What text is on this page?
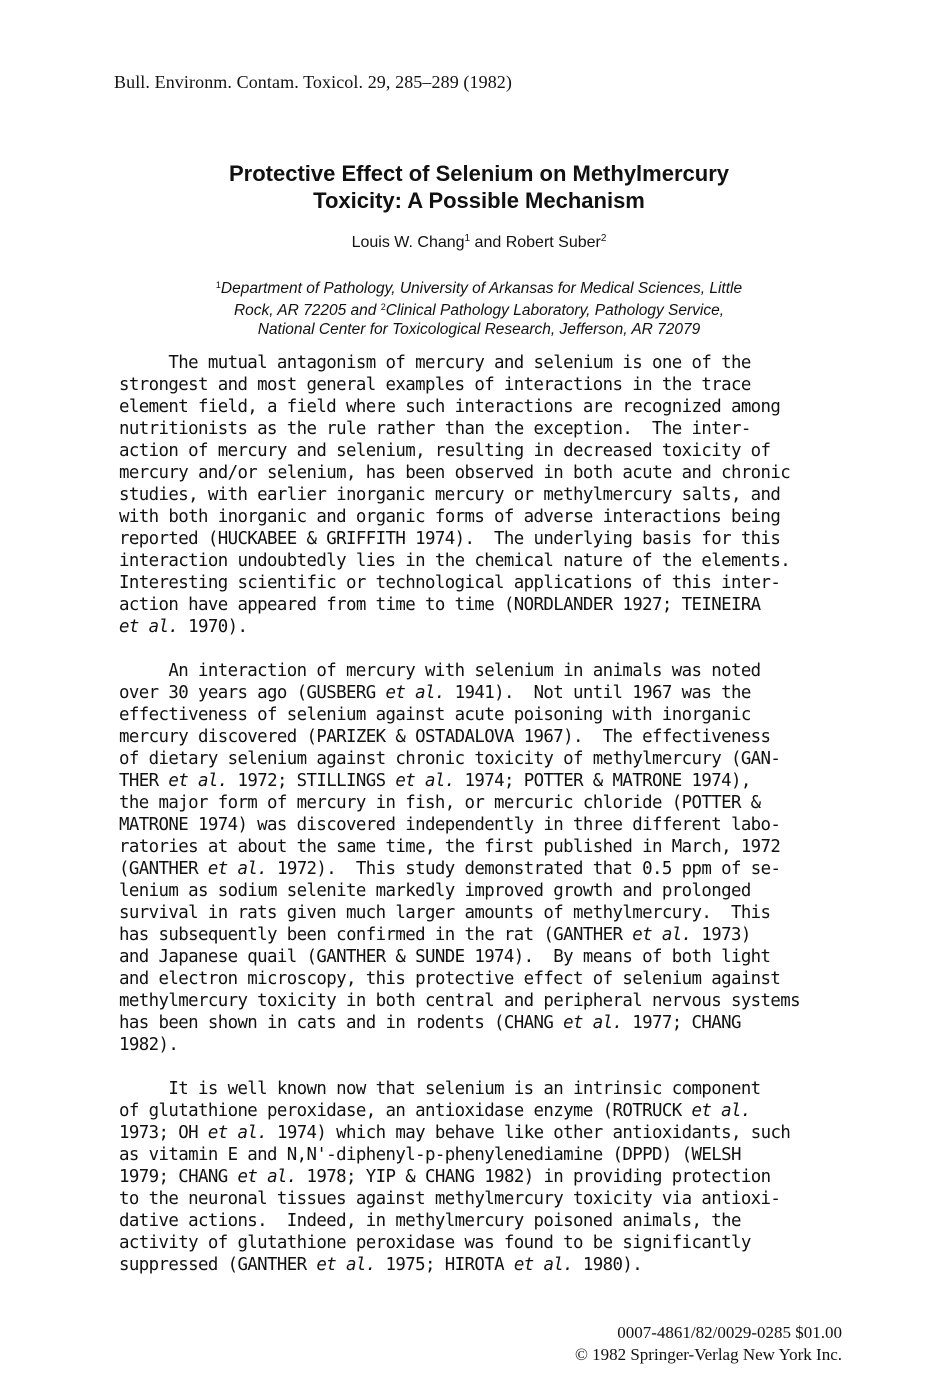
Bull. Environm. Contam. Toxicol. 29, 285–289 (1982)
Protective Effect of Selenium on Methylmercury
Toxicity: A Possible Mechanism
Louis W. Chang$^1$ and Robert Suber$^2$
$^1$Department of Pathology, University of Arkansas for Medical Sciences, Little
Rock, AR 72205 and $^2$Clinical Pathology Laboratory, Pathology Service,
National Center for Toxicological Research, Jefferson, AR 72079
The mutual antagonism of mercury and selenium is one of the
strongest and most general examples of interactions in the trace
element field, a field where such interactions are recognized among
nutritionists as the rule rather than the exception.  The inter-
action of mercury and selenium, resulting in decreased toxicity of
mercury and/or selenium, has been observed in both acute and chronic
studies, with earlier inorganic mercury or methylmercury salts, and
with both inorganic and organic forms of adverse interactions being
reported (HUCKABEE & GRIFFITH 1974).  The underlying basis for this
interaction undoubtedly lies in the chemical nature of the elements.
Interesting scientific or technological applications of this inter-
action have appeared from time to time (NORDLANDER 1927; TEINEIRA
et al. 1970).
An interaction of mercury with selenium in animals was noted
over 30 years ago (GUSBERG et al. 1941).  Not until 1967 was the
effectiveness of selenium against acute poisoning with inorganic
mercury discovered (PARIZEK & OSTADALOVA 1967).  The effectiveness
of dietary selenium against chronic toxicity of methylmercury (GAN-
THER et al. 1972; STILLINGS et al. 1974; POTTER & MATRONE 1974),
the major form of mercury in fish, or mercuric chloride (POTTER &
MATRONE 1974) was discovered independently in three different labo-
ratories at about the same time, the first published in March, 1972
(GANTHER et al. 1972).  This study demonstrated that 0.5 ppm of se-
lenium as sodium selenite markedly improved growth and prolonged
survival in rats given much larger amounts of methylmercury.  This
has subsequently been confirmed in the rat (GANTHER et al. 1973)
and Japanese quail (GANTHER & SUNDE 1974).  By means of both light
and electron microscopy, this protective effect of selenium against
methylmercury toxicity in both central and peripheral nervous systems
has been shown in cats and in rodents (CHANG et al. 1977; CHANG
1982).
It is well known now that selenium is an intrinsic component
of glutathione peroxidase, an antioxidase enzyme (ROTRUCK et al.
1973; OH et al. 1974) which may behave like other antioxidants, such
as vitamin E and N,N'-diphenyl-p-phenylenediamine (DPPD) (WELSH
1979; CHANG et al. 1978; YIP & CHANG 1982) in providing protection
to the neuronal tissues against methylmercury toxicity via antioxi-
dative actions.  Indeed, in methylmercury poisoned animals, the
activity of glutathione peroxidase was found to be significantly
suppressed (GANTHER et al. 1975; HIROTA et al. 1980).
0007-4861/82/0029-0285 $01.00
© 1982 Springer-Verlag New York Inc.
